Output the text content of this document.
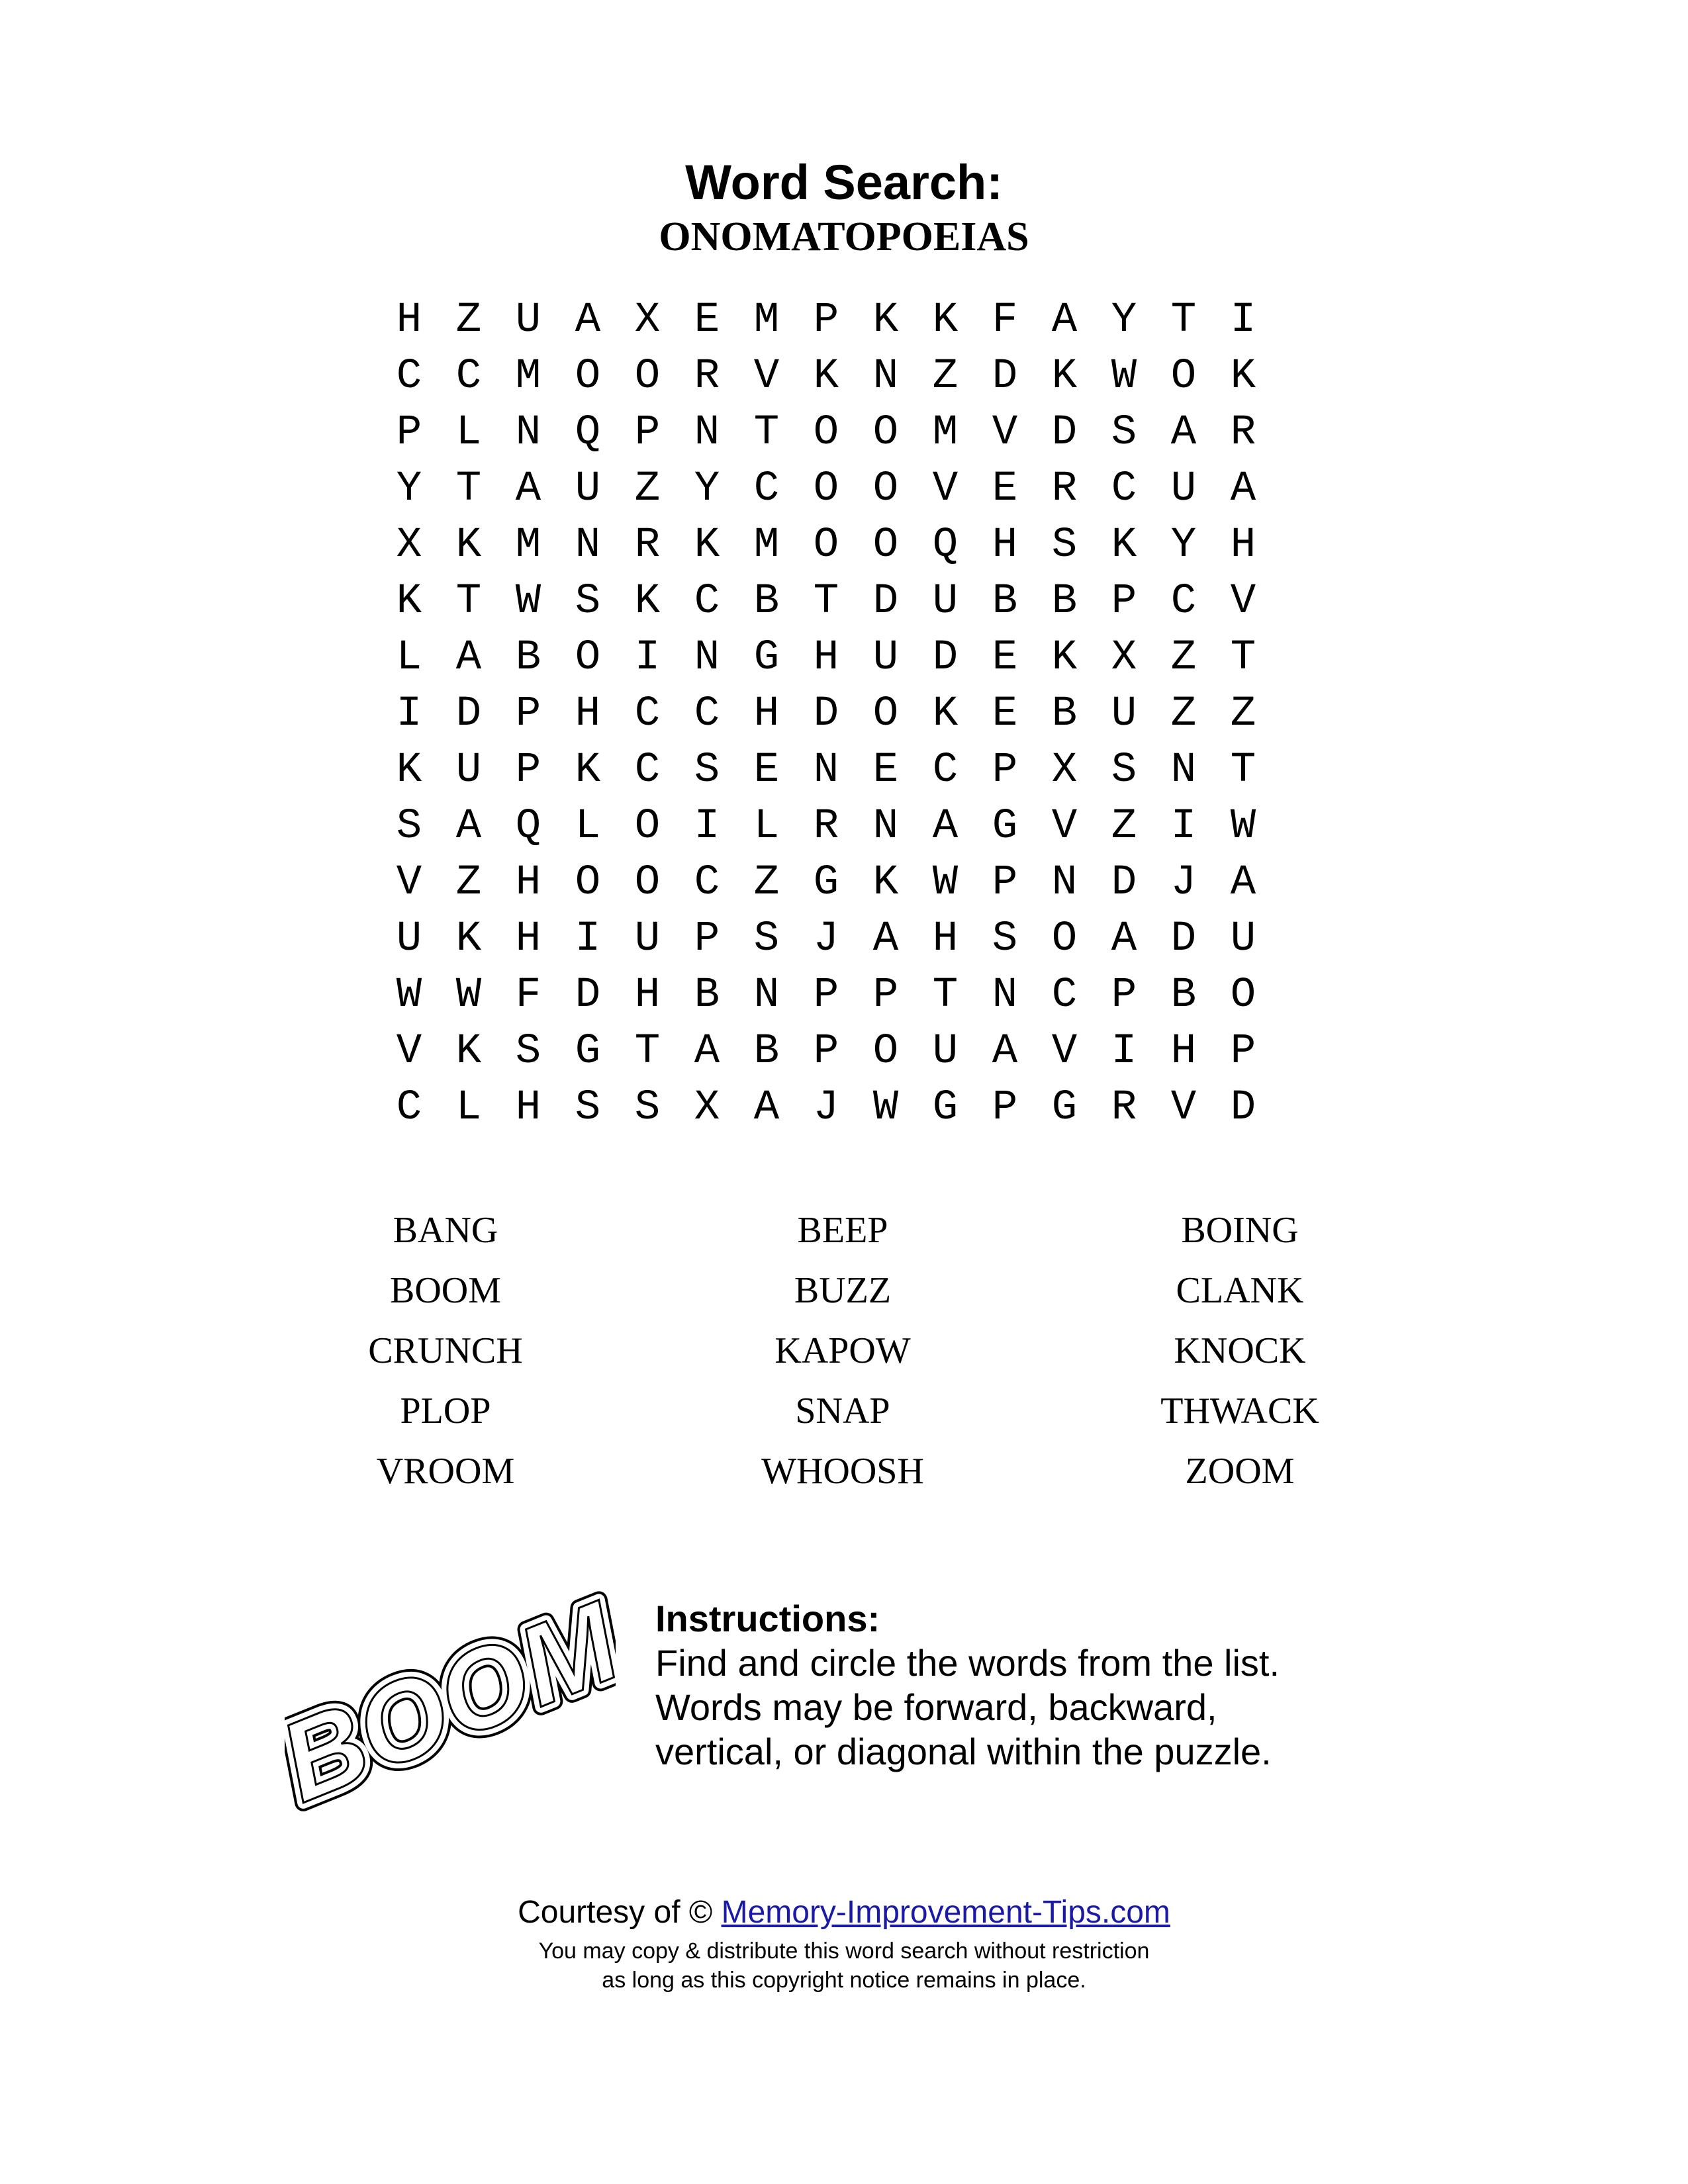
Word Search:
ONOMATOPOEIAS
H Z U A X E M P K K F A Y T I
C C M O O R V K N Z D K W O K
P L N Q P N T O O M V D S A R
Y T A U Z Y C O O V E R C U A
X K M N R K M O O Q H S K Y H
K T W S K C B T D U B B P C V
L A B O I N G H U D E K X Z T
I D P H C C H D O K E B U Z Z
K U P K C S E N E C P X S N T
S A Q L O I L R N A G V Z I W
V Z H O O C Z G K W P N D J A
U K H I U P S J A H S O A D U
W W F D H B N P P T N C P B O
V K S G T A B P O U A V I H P
C L H S S X A J W G P G R V D
BANG	BEEP	BOING
BOOM	BUZZ	CLANK
CRUNCH	KAPOW	KNOCK
PLOP	SNAP	THWACK
VROOM	WHOOSH	ZOOM
BOOM
BOOM
BOOM Instructions:
Find and circle the words from the list.
Words may be forward, backward,
vertical, or diagonal within the puzzle.
Courtesy of © Memory-Improvement-Tips.com
You may copy & distribute this word search without restriction
as long as this copyright notice remains in place.
